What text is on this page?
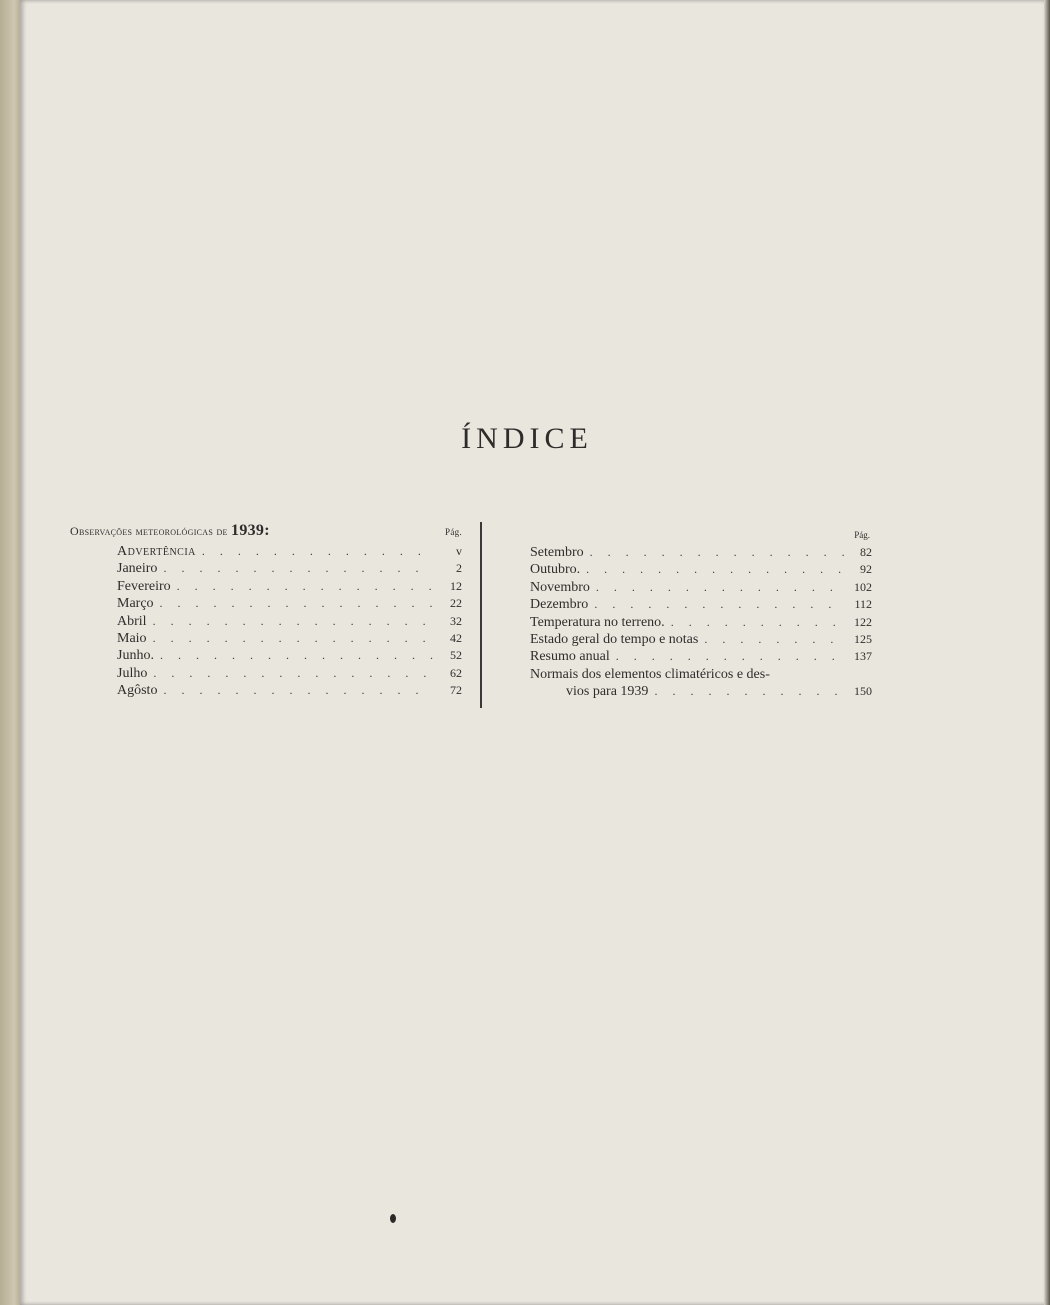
ÍNDICE
Observações meteorológicas de 1939:	Pág.
Advertência . . .	v
Janeiro . . .	2
Fevereiro . . .	12
Março . . .	22
Abril . . .	32
Maio . . .	42
Junho. . . .	52
Julho . . .	62
Agôsto . . .	72
Pág.
Setembro . . .	82
Outubro. . . .	92
Novembro . . .	102
Dezembro . . .	112
Temperatura no terreno. . . .	122
Estado geral do tempo e notas . . .	125
Resumo anual . . .	137
Normais dos elementos climatéricos e des-
vios para 1939 . . .	150
